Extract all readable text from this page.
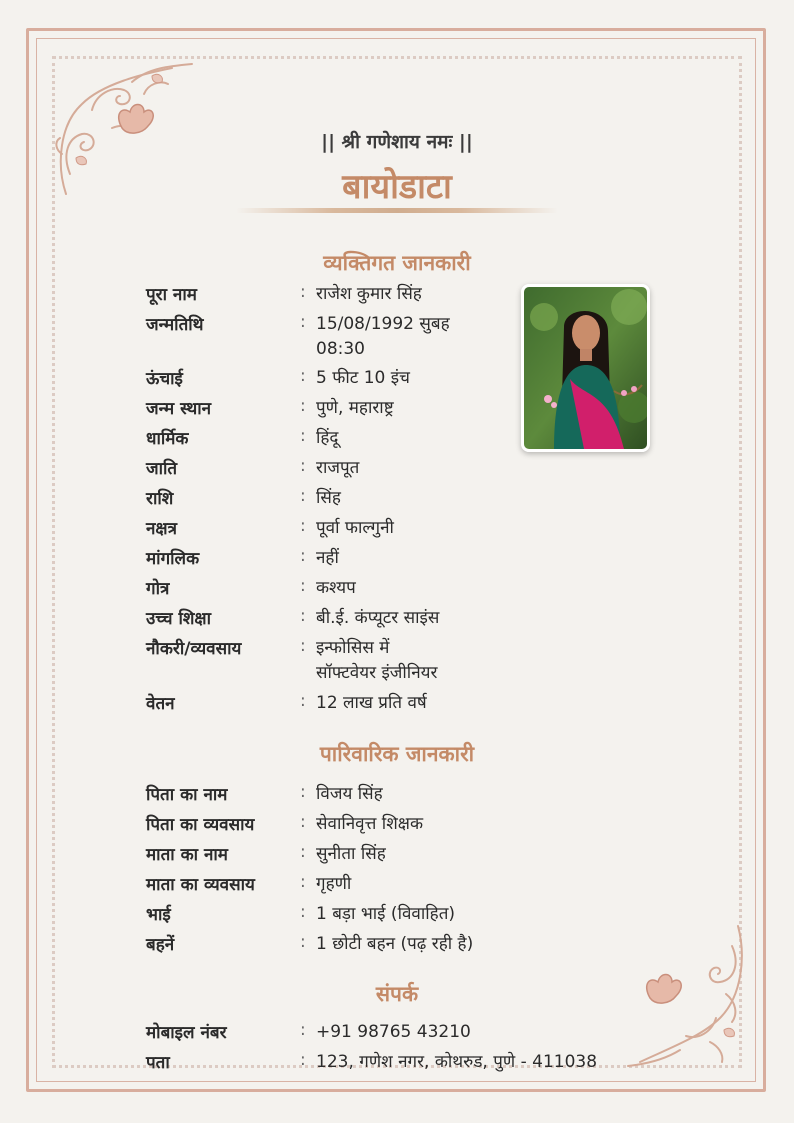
|| श्री गणेशाय नमः ||
बायोडाटा
व्यक्तिगत जानकारी
पूरा नाम	: राजेश कुमार सिंह
जन्मतिथि	: 15/08/1992 सुबह
08:30
ऊंचाई	: 5 फीट 10 इंच
जन्म स्थान	: पुणे, महाराष्ट्र
धार्मिक	: हिंदू
जाति	: राजपूत
राशि	: सिंह
नक्षत्र	: पूर्वा फाल्गुनी
मांगलिक	: नहीं
गोत्र	: कश्यप
उच्च शिक्षा	: बी.ई. कंप्यूटर साइंस
नौकरी/व्यवसाय	: इन्फोसिस में
सॉफ्टवेयर इंजीनियर
वेतन	: 12 लाख प्रति वर्ष
पारिवारिक जानकारी
पिता का नाम	: विजय सिंह
पिता का व्यवसाय	: सेवानिवृत्त शिक्षक
माता का नाम	: सुनीता सिंह
माता का व्यवसाय	: गृहणी
भाई	: 1 बड़ा भाई (विवाहित)
बहनें	: 1 छोटी बहन (पढ़ रही है)
संपर्क
मोबाइल नंबर	: +91 98765 43210
पता	: 123, गणेश नगर, कोथरुड, पुणे - 411038
